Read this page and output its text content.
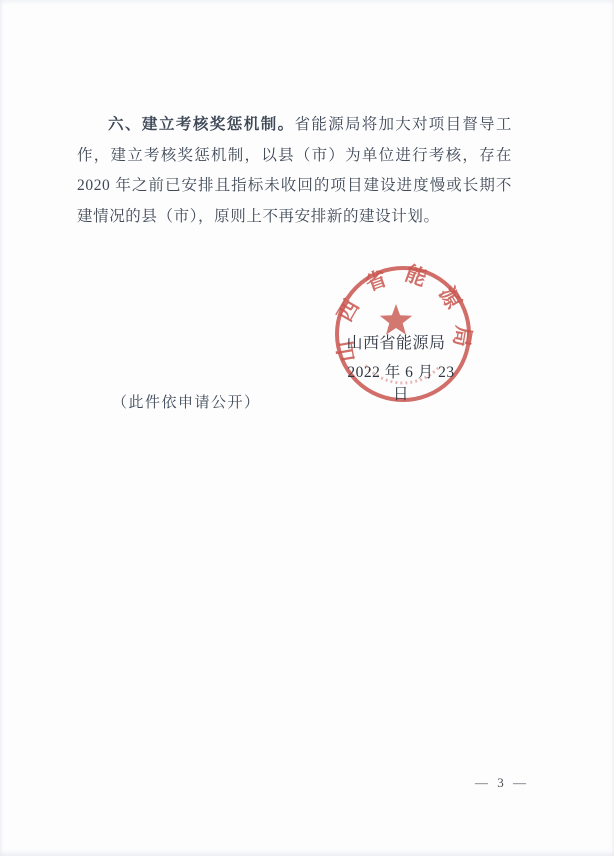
六、建立考核奖惩机制。省能源局将加大对项目督导工作，建立考核奖惩机制，以县（市）为单位进行考核，存在 2020 年之前已安排且指标未收回的项目建设进度慢或长期不建情况的县（市），原则上不再安排新的建设计划。

山西省能源局
山西省能源局
2022 年 6 月 23 日
（此件依申请公开）
— 3 —
